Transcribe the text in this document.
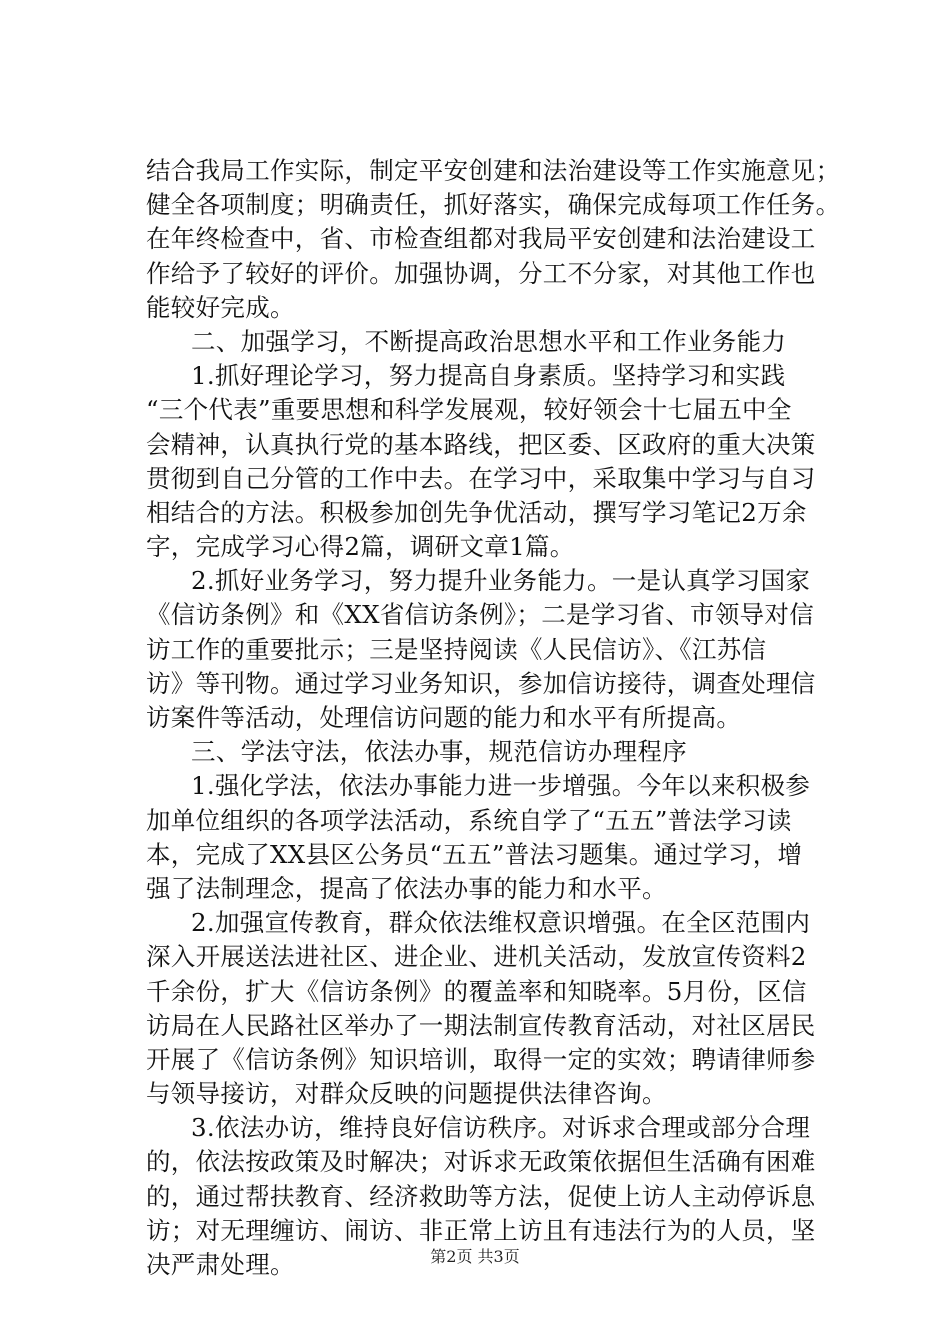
结合我局工作实际，制定平安创建和法治建设等工作实施意见；
健全各项制度；明确责任，抓好落实，确保完成每项工作任务。
在年终检查中，省、市检查组都对我局平安创建和法治建设工
作给予了较好的评价。加强协调，分工不分家，对其他工作也
能较好完成。
二、加强学习，不断提高政治思想水平和工作业务能力
1.抓好理论学习，努力提高自身素质。坚持学习和实践
“三个代表”重要思想和科学发展观，较好领会十七届五中全
会精神，认真执行党的基本路线，把区委、区政府的重大决策
贯彻到自己分管的工作中去。在学习中，采取集中学习与自习
相结合的方法。积极参加创先争优活动，撰写学习笔记2万余
字，完成学习心得2篇，调研文章1篇。
2.抓好业务学习，努力提升业务能力。一是认真学习国家
《信访条例》和《XX省信访条例》；二是学习省、市领导对信
访工作的重要批示；三是坚持阅读《人民信访》、《江苏信
访》等刊物。通过学习业务知识，参加信访接待，调查处理信
访案件等活动，处理信访问题的能力和水平有所提高。
三、学法守法，依法办事，规范信访办理程序
1.强化学法，依法办事能力进一步增强。今年以来积极参
加单位组织的各项学法活动，系统自学了“五五”普法学习读
本，完成了XX县区公务员“五五”普法习题集。通过学习，增
强了法制理念，提高了依法办事的能力和水平。
2.加强宣传教育，群众依法维权意识增强。在全区范围内
深入开展送法进社区、进企业、进机关活动，发放宣传资料2
千余份，扩大《信访条例》的覆盖率和知晓率。5月份，区信
访局在人民路社区举办了一期法制宣传教育活动，对社区居民
开展了《信访条例》知识培训，取得一定的实效；聘请律师参
与领导接访，对群众反映的问题提供法律咨询。
3.依法办访，维持良好信访秩序。对诉求合理或部分合理
的，依法按政策及时解决；对诉求无政策依据但生活确有困难
的，通过帮扶教育、经济救助等方法，促使上访人主动停诉息
访；对无理缠访、闹访、非正常上访且有违法行为的人员，坚
决严肃处理。	第2页 共3页
